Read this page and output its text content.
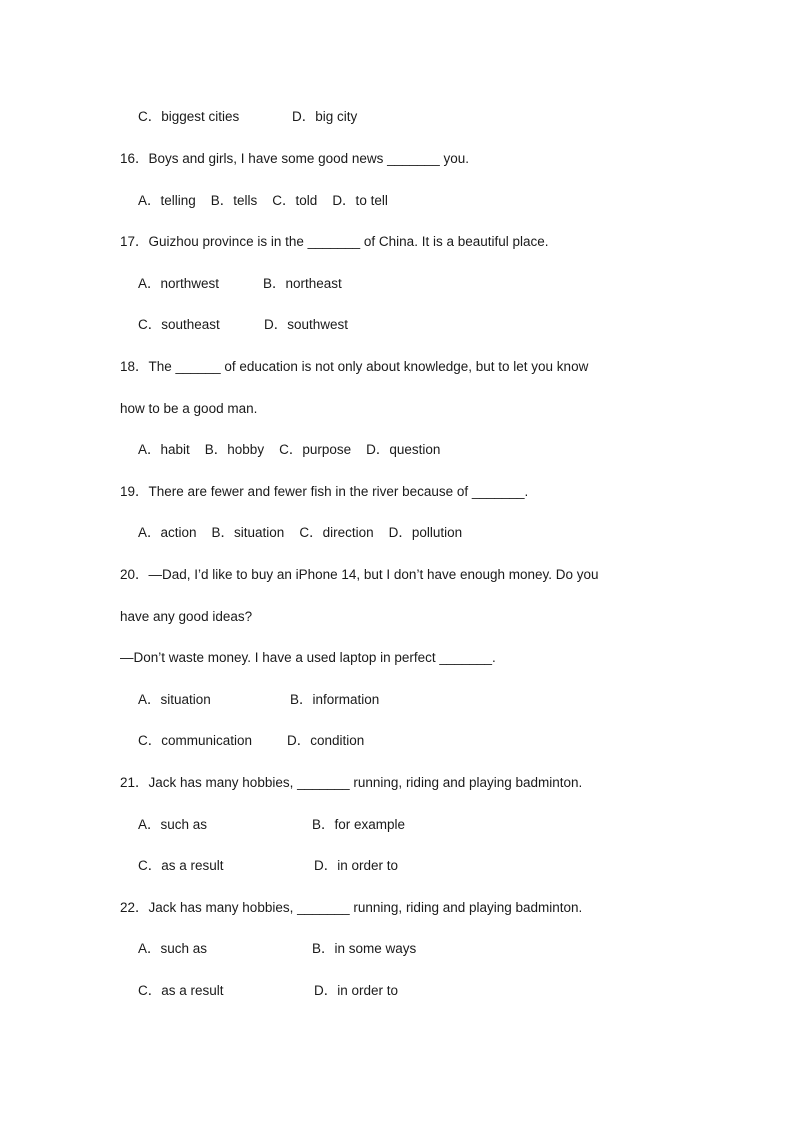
C．biggest cities	D．big city
16．Boys and girls, I have some good news _______ you.
A．telling    B．tells    C．told    D．to tell
17．Guizhou province is in the _______ of China. It is a beautiful place.
A．northwest	B．northeast
C．southeast	D．southwest
18．The ______ of education is not only about knowledge, but to let you know
how to be a good man.
A．habit    B．hobby    C．purpose    D．question
19．There are fewer and fewer fish in the river because of _______.
A．action    B．situation    C．direction    D．pollution
20．—Dad, I’d like to buy an iPhone 14, but I don’t have enough money. Do you
have any good ideas?
—Don’t waste money. I have a used laptop in perfect _______.
A．situation	B．information
C．communication	D．condition
21．Jack has many hobbies, _______ running, riding and playing badminton.
A．such as	B．for example
C．as a result	D．in order to
22．Jack has many hobbies, _______ running, riding and playing badminton.
A．such as	B．in some ways
C．as a result	D．in order to
